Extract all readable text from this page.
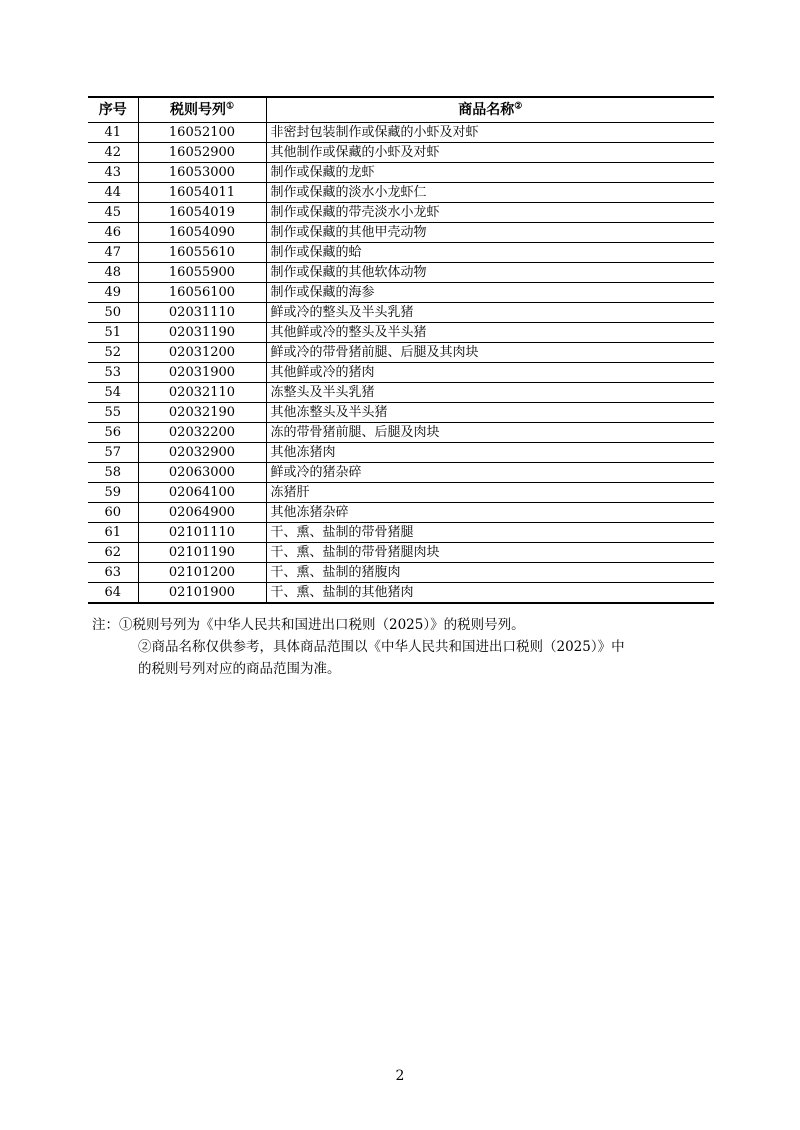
序号	税则号列①	商品名称②
41	16052100	非密封包装制作或保藏的小虾及对虾
42	16052900	其他制作或保藏的小虾及对虾
43	16053000	制作或保藏的龙虾
44	16054011	制作或保藏的淡水小龙虾仁
45	16054019	制作或保藏的带壳淡水小龙虾
46	16054090	制作或保藏的其他甲壳动物
47	16055610	制作或保藏的蛤
48	16055900	制作或保藏的其他软体动物
49	16056100	制作或保藏的海参
50	02031110	鲜或冷的整头及半头乳猪
51	02031190	其他鲜或冷的整头及半头猪
52	02031200	鲜或冷的带骨猪前腿、后腿及其肉块
53	02031900	其他鲜或冷的猪肉
54	02032110	冻整头及半头乳猪
55	02032190	其他冻整头及半头猪
56	02032200	冻的带骨猪前腿、后腿及肉块
57	02032900	其他冻猪肉
58	02063000	鲜或冷的猪杂碎
59	02064100	冻猪肝
60	02064900	其他冻猪杂碎
61	02101110	干、熏、盐制的带骨猪腿
62	02101190	干、熏、盐制的带骨猪腿肉块
63	02101200	干、熏、盐制的猪腹肉
64	02101900	干、熏、盐制的其他猪肉
注：①税则号列为《中华人民共和国进出口税则（2025）》的税则号列。
②商品名称仅供参考，具体商品范围以《中华人民共和国进出口税则（2025）》中
的税则号列对应的商品范围为准。
2
